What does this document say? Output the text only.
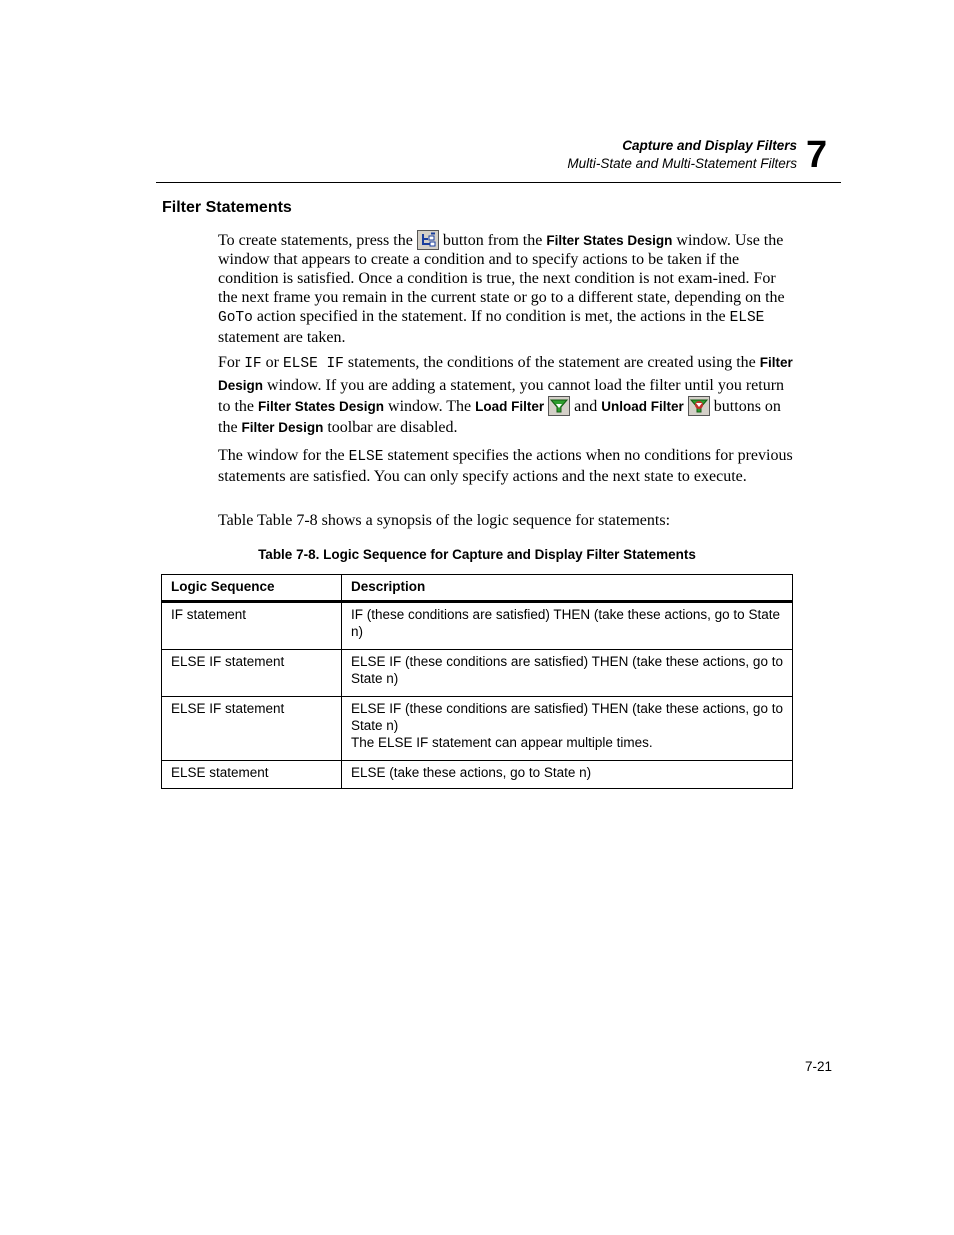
Capture and Display Filters
Multi-State and Multi-Statement Filters 7
Filter Statements

To create statements, press the button from the Filter States Design window. Use the window that appears to create a condition and to specify actions to be taken if the condition is satisfied. Once a condition is true, the next condition is not exam-ined. For the next frame you remain in the current state or go to a different state, depending on the GoTo action specified in the statement. If no condition is met, the actions in the ELSE statement are taken.

For IF or ELSE IF statements, the conditions of the statement are created using the Filter Design window. If you are adding a statement, you cannot load the filter until you return to the Filter States Design window. The Load Filter and Unload Filter buttons on the Filter Design toolbar are disabled.

The window for the ELSE statement specifies the actions when no conditions for previous statements are satisfied. You can only specify actions and the next state to execute.

Table Table 7-8 shows a synopsis of the logic sequence for statements:

Table 7-8. Logic Sequence for Capture and Display Filter Statements
Logic Sequence	Description
IF statement	IF (these conditions are satisfied) THEN (take these actions, go to State n)

ELSE IF statement	ELSE IF (these conditions are satisfied) THEN (take these actions, go to State n)

ELSE IF statement	ELSE IF (these conditions are satisfied) THEN (take these actions, go to State n)
The ELSE IF statement can appear multiple times.

ELSE statement	ELSE (take these actions, go to State n)
7-21
